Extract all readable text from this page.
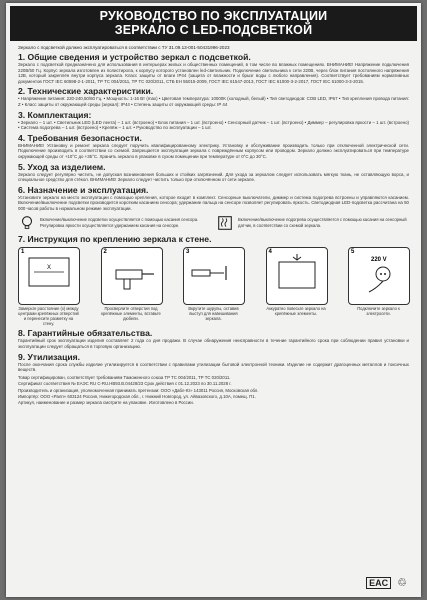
РУКОВОДСТВО ПО ЭКСПЛУАТАЦИИ
ЗЕРКАЛО С LED-ПОДСВЕТКОЙ
Зеркало с подсветкой должно эксплуатироваться в соответствии с ТУ 31.09.13-001-50431996-2023
1. Общие сведения и устройство зеркал с подсветкой.
Зеркало с подсветкой предназначено для использования в интерьерах жилых и общественных помещений, в том числе во влажных помещениях. ВНИМАНИЕ! Напряжение подключения 220В/50 Гц. Корпус зеркала изготовлен из полистирола, к корпусу которого установлен led-светильник. Подключение светильника к сети 220В, через блок питания постоянного напряжения 12В, который закреплён внутри корпуса зеркала. Класс защиты от влаги IP44 (защита от влажности и брызг воды с любого направления). Соответствует требованиям нормативных документов ГОСТ IEC 60598-2-1-2011, ТР ТС 004/2011, ТР ТС 020/2011, СТБ ЕН 55015-2009, ГОСТ IEC 61547-2013, ГОСТ IEC 61000-3-2-2017, ГОСТ IEC 61000-3-3-2015.
2. Технические характеристики.
• Напряжение питания: 220-240,50/60 Гц. • Мощность: 1-16 Вт (max) • Цветовая температура: 10000К (холодный, белый) • Тип светодиодов: COB LED, IP67 • Тип крепления провода питания: Z • Класс защиты от окружающей среды (зеркал): IP44 • Степень защиты от окружающей среды: IP 44
3. Комплектация:
• Зеркало – 1 шт. • Светильник LED (LED лента) – 1 шт. (встроено) • Блок питания – 1 шт. (встроено) • Сенсорный датчик – 1 шт. (встроено) • Диммер – регулировка яркости – 1 шт. (встроено) • Система подогрева – 1 шт. (встроено) • Крепёж – 1 шт. • Руководство по эксплуатации – 1 шт.
4. Требования безопасности.
ВНИМАНИЕ! Установку и ремонт зеркала следует поручить квалифицированному электрику. Установку и обслуживание производить только при отключенной электрической сети. Подключение производить в соответствии со схемой. Запрещается эксплуатация зеркала с повреждённым корпусом или проводом. Зеркало должно эксплуатироваться при температуре окружающей среды от +10°С до +35°С. Хранить зеркало в упаковке в сухом помещении при температуре от 0°С до 30°С.
5. Уход за изделием.
Зеркало следует регулярно чистить, не допуская возникновения больших и стойких загрязнений. Для ухода за зеркалом следует использовать мягкую ткань, не оставляющую ворса, и специальное средство для стёкол. ВНИМАНИЕ! Зеркало следует чистить только при отключённом от сети зеркале.
6. Назначение и эксплуатация.
Установите зеркало на место эксплуатации с помощью крепления, которое входит в комплект. Сенсорные выключатели, диммер и система подогрева встроены и управляются касанием. Включение/выключение подсветки производится коротким касанием сенсора; удержание пальца на сенсоре позволяет регулировать яркость. Светодиодная LED-подсветка рассчитана на 50 000 часов работы в нормальном режиме эксплуатации.
Включение/выключение подсветки осуществляется с помощью касания сенсора. Регулировка яркости осуществляется удержанием касания на сенсоре.
Включение/выключение подогрева осуществляется с помощью касания на сенсорный датчик, в соответствии со схемой зеркала.
7. Инструкция по креплению зеркала к стене.
1
X
Замерьте расстояние (x) между центрами крепёжных отверстий и перенесите разметку на стену.
2
Просверлите отверстия под крепёжные элементы, вставьте дюбели.
3
Вкрутите шурупы, оставив выступ для навешивания зеркала.
4
Аккуратно повесьте зеркало на крепёжные элементы.
5
220 V
Подключите зеркало к электросети.
8. Гарантийные обязательства.
Гарантийный срок эксплуатации изделия составляет 2 года со дня продажи. В случае обнаружения неисправности в течение гарантийного срока при соблюдении правил установки и эксплуатации следует обращаться в торговую организацию.
9. Утилизация.
После окончания срока службы изделие утилизируется в соответствии с правилами утилизации бытовой электронной техники. Изделие не содержит драгоценных металлов и токсичных веществ.

Товар сертифицирован, соответствует требованиям Таможенного союза ТР ТС 004/2011, ТР ТС 020/2011.

Сертификат соответствия № ЕАЭС RU С-RU.НВ93.В.04428/23 Срок действия с 01.12.2023 по 30.11.2028 г.

Производитель и организация, уполномоченная принимать претензии: ООО «Дабл-Ю» 143011 Россия, Московская обл.

Импортёр: ООО «Ралп» 603124 Россия, Нижегородская обл., г. Нижний Новгород, ул. Айвазовского, д.10А, помещ. П1.

Артикул, наименование и размер зеркала смотрите на упаковке. Изготовлено в России.

EAC ♲
